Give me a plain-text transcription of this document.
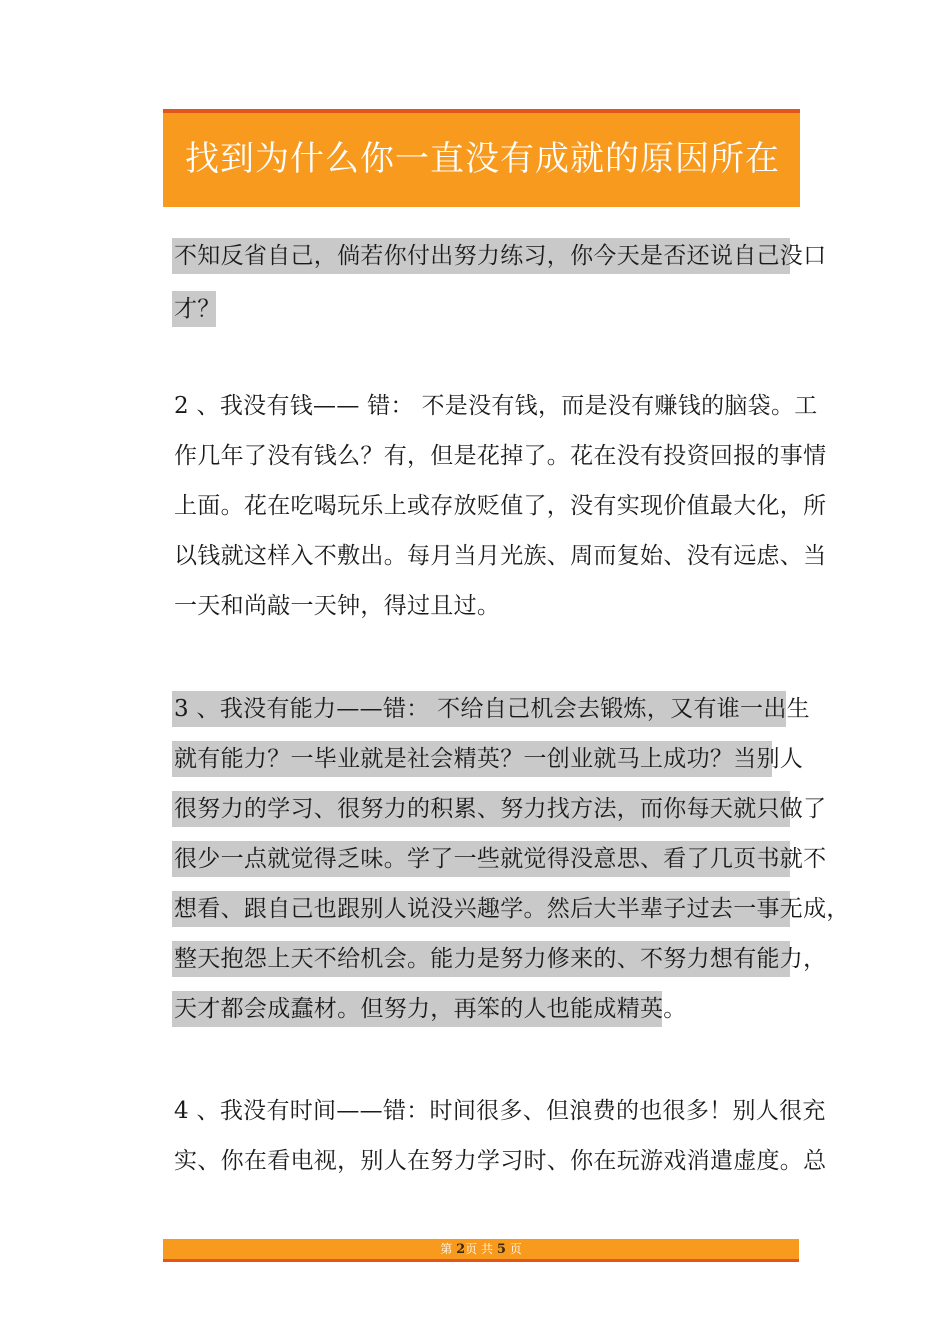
找到为什么你一直没有成就的原因所在
不知反省自己，倘若你付出努力练习，你今天是否还说自己没口
才？
2 、我没有钱—— 错： 不是没有钱，而是没有赚钱的脑袋。工
作几年了没有钱么？有，但是花掉了。花在没有投资回报的事情
上面。花在吃喝玩乐上或存放贬值了，没有实现价值最大化，所
以钱就这样入不敷出。每月当月光族、周而复始、没有远虑、当
一天和尚敲一天钟，得过且过。
3 、我没有能力——错： 不给自己机会去锻炼，又有谁一出生
就有能力？一毕业就是社会精英？一创业就马上成功？当别人
很努力的学习、很努力的积累、努力找方法，而你每天就只做了
很少一点就觉得乏味。学了一些就觉得没意思、看了几页书就不
想看、跟自己也跟别人说没兴趣学。然后大半辈子过去一事无成，
整天抱怨上天不给机会。能力是努力修来的、不努力想有能力，
天才都会成蠢材。但努力，再笨的人也能成精英。
4 、我没有时间——错：时间很多、但浪费的也很多！别人很充
实、你在看电视，别人在努力学习时、你在玩游戏消遣虚度。总
第 2页 共 5 页
